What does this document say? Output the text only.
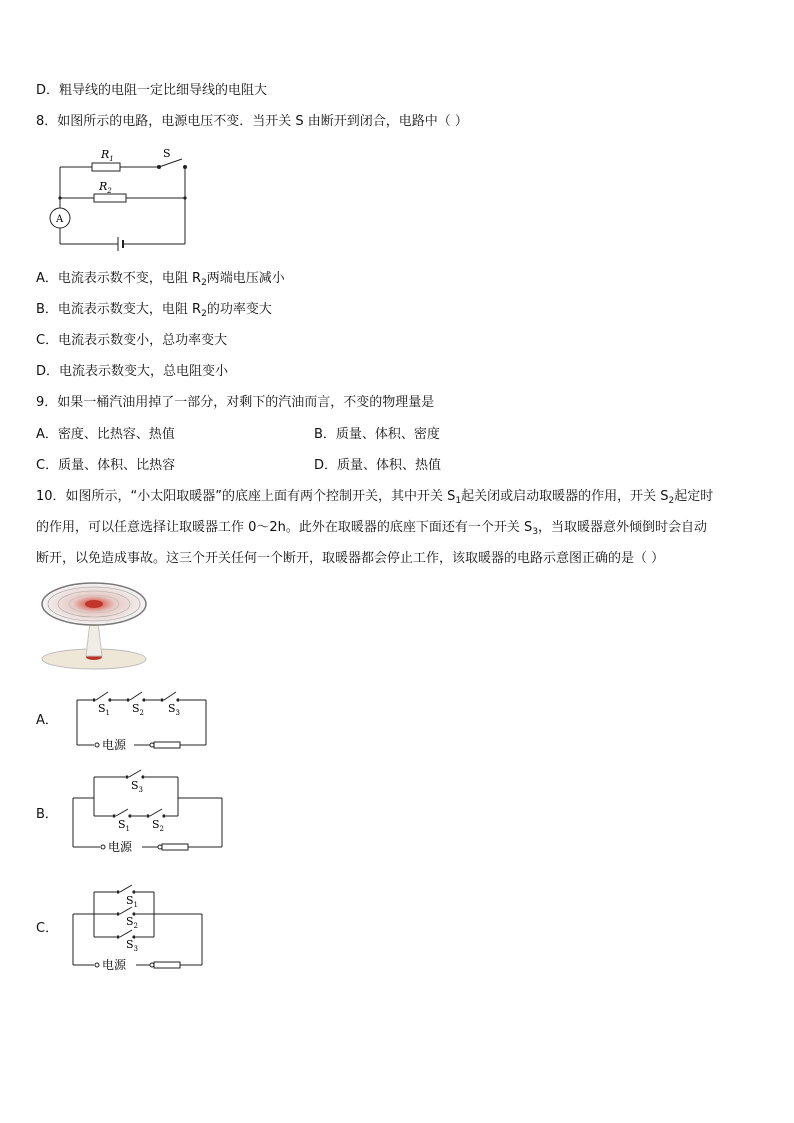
D．粗导线的电阻一定比细导线的电阻大
8．如图所示的电路，电源电压不变．当开关 S 由断开到闭合，电路中（ ）
$R_1$
$R_2$
S
A
A．电流表示数不变，电阻 $R_2$两端电压减小
B．电流表示数变大，电阻 $R_2$的功率变大
C．电流表示数变小，总功率变大
D．电流表示数变大，总电阻变小
9．如果一桶汽油用掉了一部分，对剩下的汽油而言，不变的物理量是
A．密度、比热容、热值	B．质量、体积、密度
C．质量、体积、比热容	D．质量、体积、热值
10．如图所示，“小太阳取暖器”的底座上面有两个控制开关，其中开关 $S_1$起关闭或启动取暖器的作用，开关 $S_2$起定时
的作用，可以任意选择让取暖器工作 0～2h。此外在取暖器的底座下面还有一个开关 $S_3$，当取暖器意外倾倒时会自动
断开，以免造成事故。这三个开关任何一个断开，取暖器都会停止工作，该取暖器的电路示意图正确的是（ ）
A．
$S_1$ $S_2$ $S_3$
电源
B．
$S_3$
$S_1$ $S_2$
电源
C．
$S_1$
$S_2$
$S_3$
电源
